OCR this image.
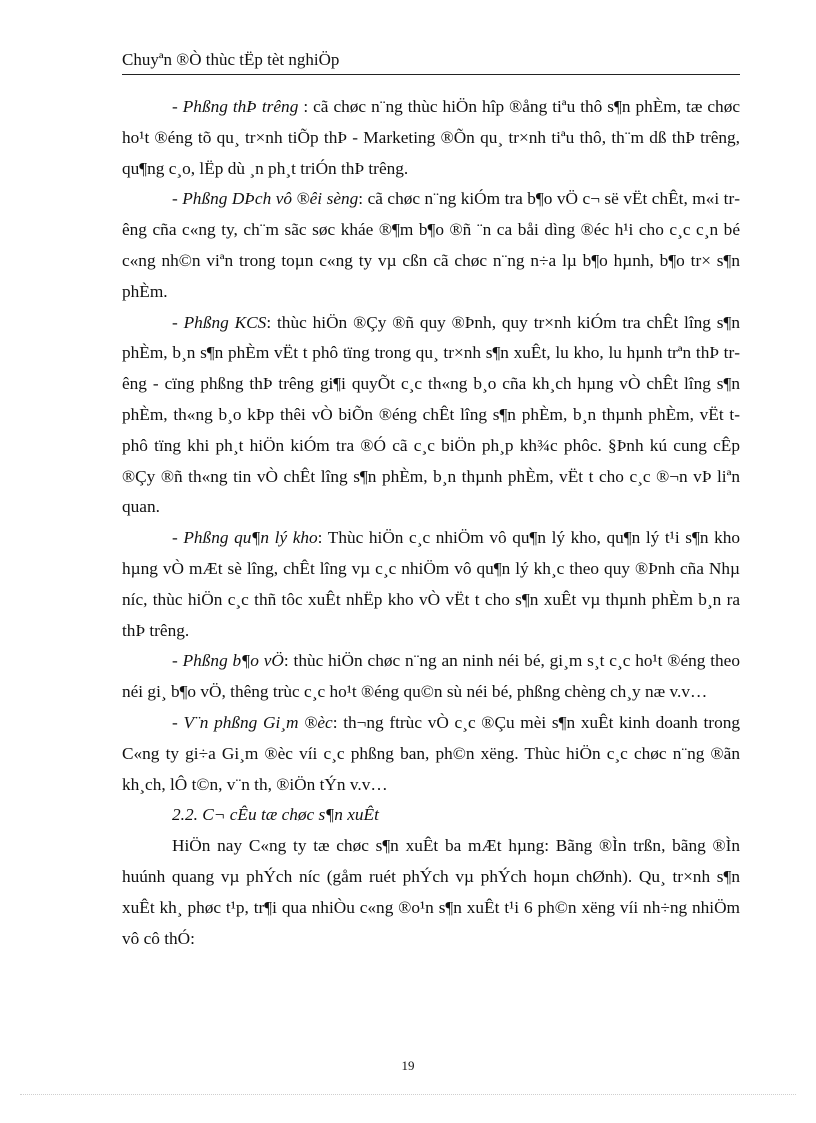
Chuyªn ®Ò thùc tËp tèt nghiÖp

- Phßng thÞ trêng : cã chøc n¨ng thùc hiÖn hîp ®ång tiªu thô s¶n phÈm, tæ chøc ho¹t ®éng tõ qu¸ tr×nh tiÕp thÞ - Marketing ®Õn qu¸ tr×nh tiªu thô, th¨m dß thÞ trêng, qu¶ng c¸o, lËp dù ¸n ph¸t triÓn thÞ trêng.

- Phßng DÞch vô ®êi sèng: cã chøc n¨ng kiÓm tra b¶o vÖ c¬ së vËt chÊt, m«i trêng cña c«ng ty, ch¨m sãc søc kháe ®¶m b¶o ®ñ ¨n ca båi dìng ®éc h¹i cho c¸c c¸n bé c«ng nh©n viªn trong toµn c«ng ty vµ cßn cã chøc n¨ng n÷a lµ b¶o hµnh, b¶o tr× s¶n phÈm.

- Phßng KCS: thùc hiÖn ®Çy ®ñ quy ®Þnh, quy tr×nh kiÓm tra chÊt lîng s¶n phÈm, b¸n s¶n phÈm vËt t phô tïng trong qu¸ tr×nh s¶n xuÊt, lu kho, lu hµnh trªn thÞ trêng - cïng phßng thÞ trêng gi¶i quyÕt c¸c th«ng b¸o cña kh¸ch hµng vÒ chÊt lîng s¶n phÈm, th«ng b¸o kÞp thêi vÒ biÕn ®éng chÊt lîng s¶n phÈm, b¸n thµnh phÈm, vËt t phô tïng khi ph¸t hiÖn kiÓm tra ®Ó cã c¸c biÖn ph¸p kh¾c phôc. §Þnh kú cung cÊp ®Çy ®ñ th«ng tin vÒ chÊt lîng s¶n phÈm, b¸n thµnh phÈm, vËt t cho c¸c ®¬n vÞ liªn quan.

- Phßng qu¶n lý kho: Thùc hiÖn c¸c nhiÖm vô qu¶n lý kho, qu¶n lý t¹i s¶n kho hµng vÒ mÆt sè lîng, chÊt lîng vµ c¸c nhiÖm vô qu¶n lý kh¸c theo quy ®Þnh cña Nhµ níc, thùc hiÖn c¸c thñ tôc xuÊt nhËp kho vÒ vËt t cho s¶n xuÊt vµ thµnh phÈm b¸n ra thÞ trêng.

- Phßng b¶o vÖ: thùc hiÖn chøc n¨ng an ninh néi bé, gi¸m s¸t c¸c ho¹t ®éng theo néi gi¸ b¶o vÖ, thêng trùc c¸c ho¹t ®éng qu©n sù néi bé, phßng chèng ch¸y næ v.v…

- V¨n phßng Gi¸m ®èc: th¬ng ftrùc vÒ c¸c ®Çu mèi s¶n xuÊt kinh doanh trong C«ng ty gi÷a Gi¸m ®èc víi c¸c phßng ban, ph©n xëng. Thùc hiÖn c¸c chøc n¨ng ®ãn kh¸ch, lÔ t©n, v¨n th, ®iÖn tÝn v.v…

2.2. C¬ cÊu tæ chøc s¶n xuÊt

HiÖn nay C«ng ty tæ chøc s¶n xuÊt ba mÆt hµng: Bãng ®Ìn trßn, bãng ®Ìn huúnh quang vµ phÝch níc (gåm ruét phÝch vµ phÝch hoµn chØnh). Qu¸ tr×nh s¶n xuÊt kh¸ phøc t¹p, tr¶i qua nhiÒu c«ng ®o¹n s¶n xuÊt t¹i 6 ph©n xëng víi nh÷ng nhiÖm vô cô thÓ:

19
